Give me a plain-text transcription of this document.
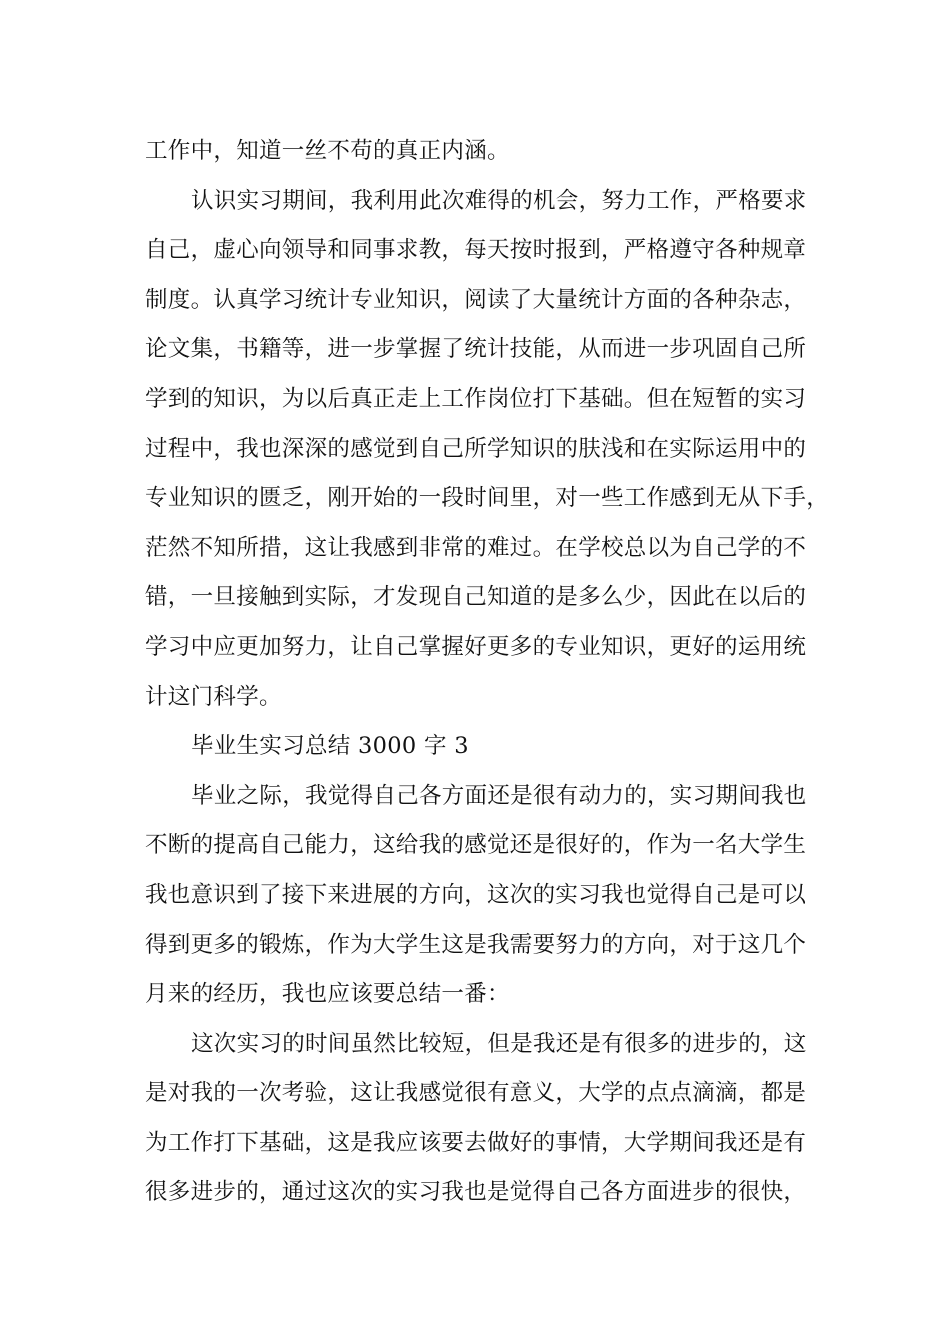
工作中，知道一丝不苟的真正内涵。
认识实习期间，我利用此次难得的机会，努力工作，严格要求
自己，虚心向领导和同事求教，每天按时报到，严格遵守各种规章
制度。认真学习统计专业知识，阅读了大量统计方面的各种杂志，
论文集，书籍等，进一步掌握了统计技能，从而进一步巩固自己所
学到的知识，为以后真正走上工作岗位打下基础。但在短暂的实习
过程中，我也深深的感觉到自己所学知识的肤浅和在实际运用中的
专业知识的匮乏，刚开始的一段时间里，对一些工作感到无从下手，
茫然不知所措，这让我感到非常的难过。在学校总以为自己学的不
错，一旦接触到实际，才发现自己知道的是多么少，因此在以后的
学习中应更加努力，让自己掌握好更多的专业知识，更好的运用统
计这门科学。
毕业生实习总结 3000 字 3
毕业之际，我觉得自己各方面还是很有动力的，实习期间我也
不断的提高自己能力，这给我的感觉还是很好的，作为一名大学生
我也意识到了接下来进展的方向，这次的实习我也觉得自己是可以
得到更多的锻炼，作为大学生这是我需要努力的方向，对于这几个
月来的经历，我也应该要总结一番：
这次实习的时间虽然比较短，但是我还是有很多的进步的，这
是对我的一次考验，这让我感觉很有意义，大学的点点滴滴，都是
为工作打下基础，这是我应该要去做好的事情，大学期间我还是有
很多进步的，通过这次的实习我也是觉得自己各方面进步的很快，
